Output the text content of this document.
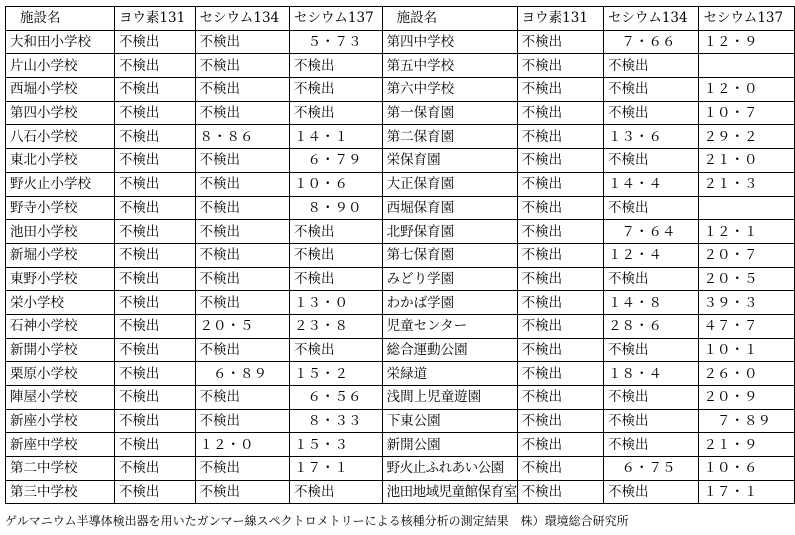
施設名	ヨウ素131	セシウム134	セシウム137	施設名	ヨウ素131	セシウム134	セシウム137
大和田小学校	不検出	不検出	　５・７３	第四中学校	不検出	　７・６６	１２・９
片山小学校	不検出	不検出	不検出	第五中学校	不検出	不検出	
西堀小学校	不検出	不検出	不検出	第六中学校	不検出	不検出	１２・０
第四小学校	不検出	不検出	不検出	第一保育園	不検出	不検出	１０・７
八石小学校	不検出	８・８６	１４・１	第二保育園	不検出	１３・６	２９・２
東北小学校	不検出	不検出	　６・７９	栄保育園	不検出	不検出	２１・０
野火止小学校	不検出	不検出	１０・６	大正保育園	不検出	１４・４	２１・３
野寺小学校	不検出	不検出	　８・９０	西堀保育園	不検出	不検出	
池田小学校	不検出	不検出	不検出	北野保育園	不検出	　７・６４	１２・１
新堀小学校	不検出	不検出	不検出	第七保育園	不検出	１２・４	２０・７
東野小学校	不検出	不検出	不検出	みどり学園	不検出	不検出	２０・５
栄小学校	不検出	不検出	１３・０	わかば学園	不検出	１４・８	３９・３
石神小学校	不検出	２０・５	２３・８	児童センター	不検出	２８・６	４７・７
新開小学校	不検出	不検出	不検出	総合運動公園	不検出	不検出	１０・１
栗原小学校	不検出	　６・８９	１５・２	栄緑道	不検出	１８・４	２６・０
陣屋小学校	不検出	不検出	　６・５６	浅間上児童遊園	不検出	不検出	２０・９
新座小学校	不検出	不検出	　８・３３	下東公園	不検出	不検出	　７・８９
新座中学校	不検出	１２・０	１５・３	新開公園	不検出	不検出	２１・９
第二中学校	不検出	不検出	１７・１	野火止ふれあい公園	不検出	　６・７５	１０・６
第三中学校	不検出	不検出	不検出	池田地域児童館保育室	不検出	不検出	１７・１
ゲルマニウム半導体検出器を用いたガンマー線スペクトロメトリーによる核種分析の測定結果　株）環境総合研究所
